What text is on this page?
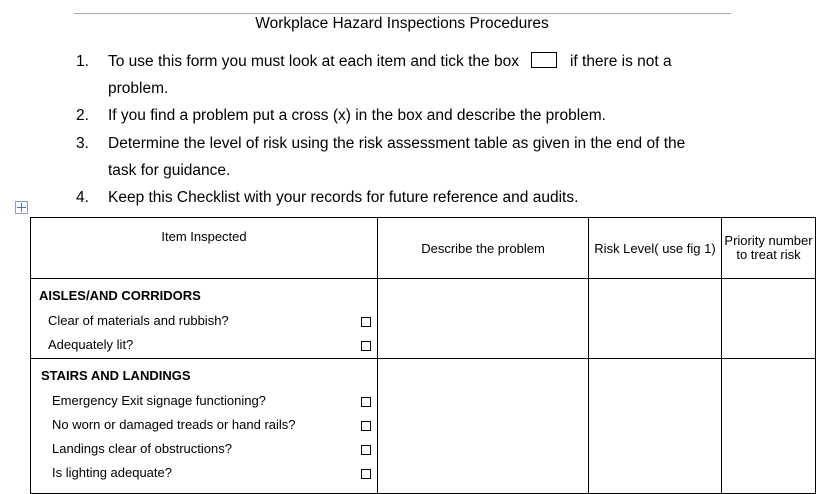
Workplace Hazard Inspections Procedures
1. To use this form you must look at each item and tick the box	if there is not a
problem.
2. If you find a problem put a cross (x) in the box and describe the problem.
3. Determine the level of risk using the risk assessment table as given in the end of the
task for guidance.
4. Keep this Checklist with your records for future reference and audits.
Item Inspected	Describe the problem	Risk Level( use fig 1)	Priority number to treat risk

AISLES/AND CORRIDORS
Clear of materials and rubbish?
Adequately lit?			

STAIRS AND LANDINGS
Emergency Exit signage functioning?
No worn or damaged treads or hand rails?
Landings clear of obstructions?
Is lighting adequate?			
